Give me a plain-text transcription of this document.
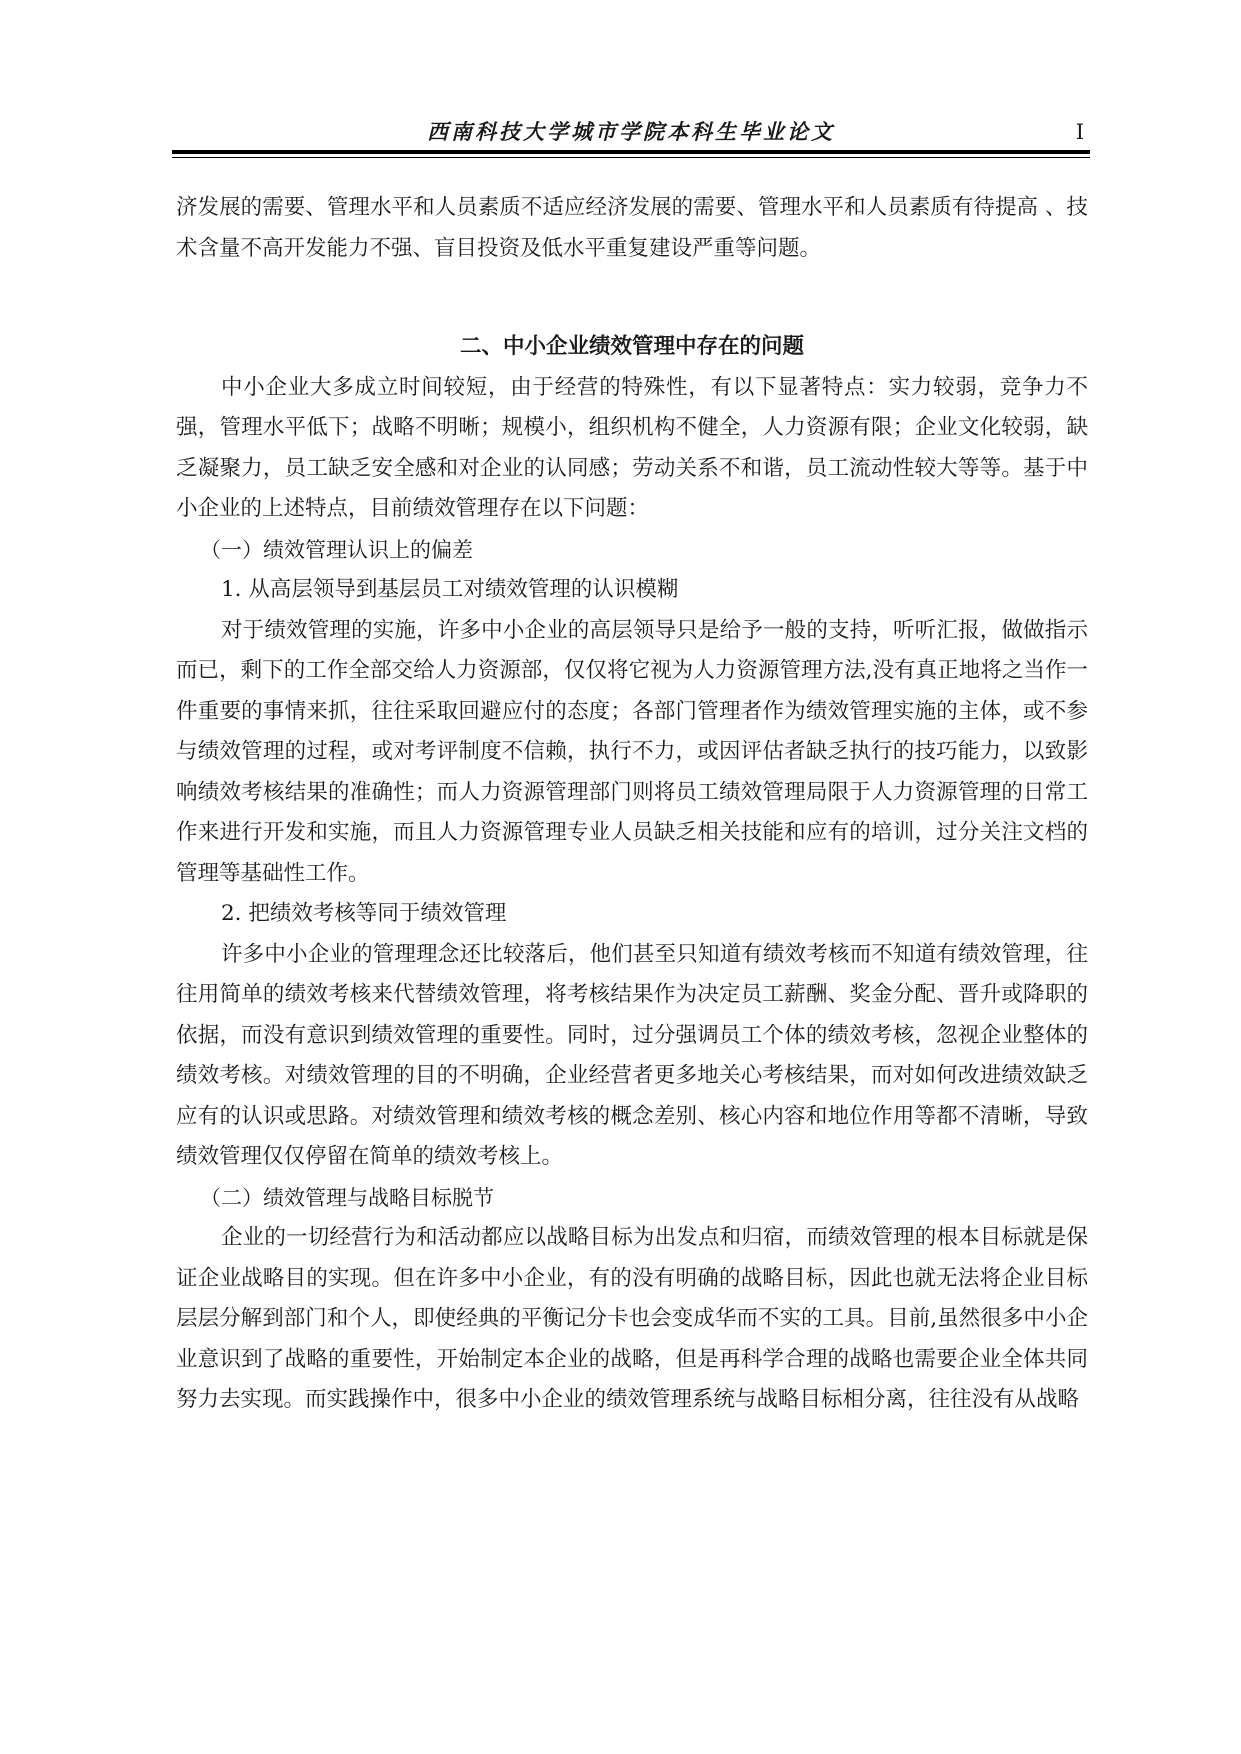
西南科技大学城市学院本科生毕业论文	I

济发展的需要、管理水平和人员素质不适应经济发展的需要、管理水平和人员素质有待提高 、技术含量不高开发能力不强、盲目投资及低水平重复建设严重等问题。

二、中小企业绩效管理中存在的问题

中小企业大多成立时间较短，由于经营的特殊性，有以下显著特点：实力较弱，竞争力不强，管理水平低下；战略不明晰；规模小，组织机构不健全，人力资源有限；企业文化较弱，缺乏凝聚力，员工缺乏安全感和对企业的认同感；劳动关系不和谐，员工流动性较大等等。基于中小企业的上述特点，目前绩效管理存在以下问题：

（一）绩效管理认识上的偏差
1. 从高层领导到基层员工对绩效管理的认识模糊

对于绩效管理的实施，许多中小企业的高层领导只是给予一般的支持，听听汇报，做做指示而已，剩下的工作全部交给人力资源部，仅仅将它视为人力资源管理方法,没有真正地将之当作一件重要的事情来抓，往往采取回避应付的态度；各部门管理者作为绩效管理实施的主体，或不参与绩效管理的过程，或对考评制度不信赖，执行不力，或因评估者缺乏执行的技巧能力，以致影响绩效考核结果的准确性；而人力资源管理部门则将员工绩效管理局限于人力资源管理的日常工作来进行开发和实施，而且人力资源管理专业人员缺乏相关技能和应有的培训，过分关注文档的管理等基础性工作。

2. 把绩效考核等同于绩效管理

许多中小企业的管理理念还比较落后，他们甚至只知道有绩效考核而不知道有绩效管理，往往用简单的绩效考核来代替绩效管理，将考核结果作为决定员工薪酬、奖金分配、晋升或降职的依据，而没有意识到绩效管理的重要性。同时，过分强调员工个体的绩效考核，忽视企业整体的绩效考核。对绩效管理的目的不明确，企业经营者更多地关心考核结果，而对如何改进绩效缺乏应有的认识或思路。对绩效管理和绩效考核的概念差别、核心内容和地位作用等都不清晰，导致绩效管理仅仅停留在简单的绩效考核上。

（二）绩效管理与战略目标脱节

企业的一切经营行为和活动都应以战略目标为出发点和归宿，而绩效管理的根本目标就是保证企业战略目的实现。但在许多中小企业，有的没有明确的战略目标，因此也就无法将企业目标层层分解到部门和个人，即使经典的平衡记分卡也会变成华而不实的工具。目前,虽然很多中小企业意识到了战略的重要性，开始制定本企业的战略，但是再科学合理的战略也需要企业全体共同努力去实现。而实践操作中，很多中小企业的绩效管理系统与战略目标相分离，往往没有从战略
